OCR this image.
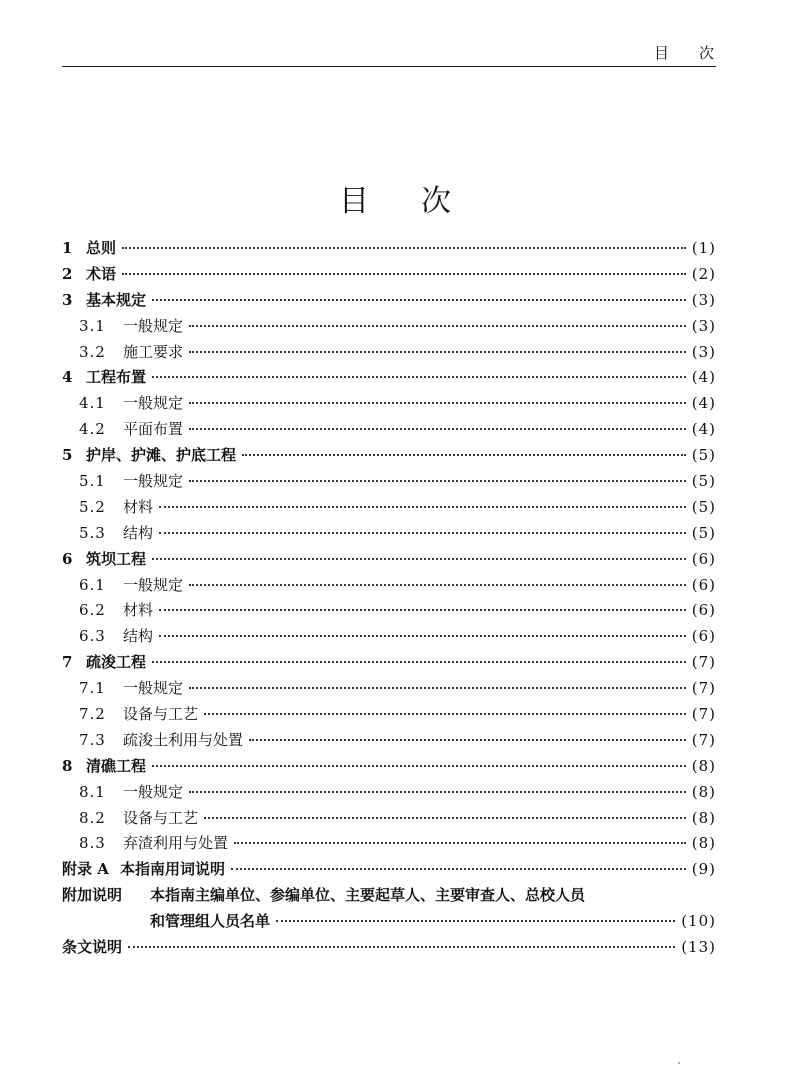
目次
目次
1 总则	(1)
2 术语	(2)
3 基本规定	(3)
3.1	一般规定	(3)
3.2	施工要求	(3)
4 工程布置	(4)
4.1	一般规定	(4)
4.2	平面布置	(4)
5 护岸、护滩、护底工程	(5)
5.1	一般规定	(5)
5.2	材料	(5)
5.3	结构	(5)
6 筑坝工程	(6)
6.1	一般规定	(6)
6.2	材料	(6)
6.3	结构	(6)
7 疏浚工程	(7)
7.1	一般规定	(7)
7.2	设备与工艺	(7)
7.3	疏浚土利用与处置	(7)
8 清礁工程	(8)
8.1	一般规定	(8)
8.2	设备与工艺	(8)
8.3	弃渣利用与处置	(8)
附录 A 本指南用词说明	(9)
附加说明	本指南主编单位、参编单位、主要起草人、主要审查人、总校人员
和管理组人员名单	(10)
条文说明	(13)
